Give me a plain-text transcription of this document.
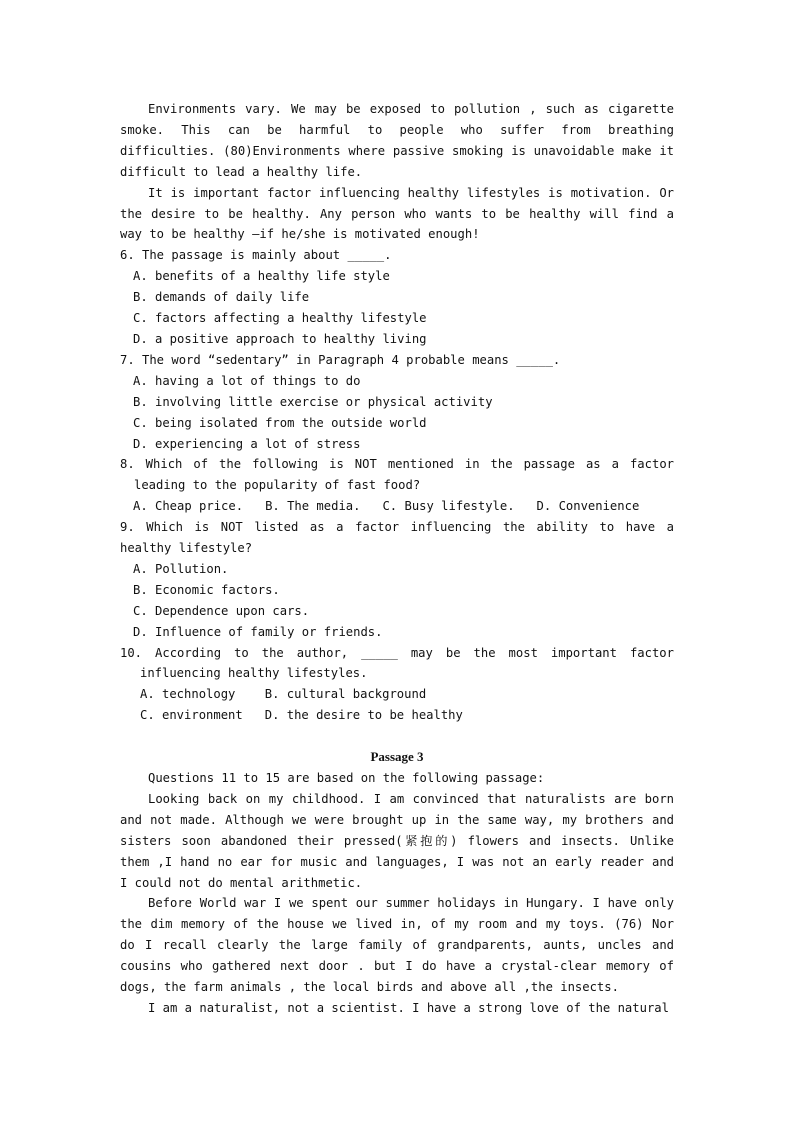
Environments vary. We may be exposed to pollution , such as cigarette smoke. This can be harmful to people who suffer from breathing difficulties. (80)Environments where passive smoking is unavoidable make it difficult to lead a healthy life.

It is important factor influencing healthy lifestyles is motivation. Or the desire to be healthy. Any person who wants to be healthy will find a way to be healthy —if he/she is motivated enough!

6. The passage is mainly about _____.

A. benefits of a healthy life style

B. demands of daily life

C. factors affecting a healthy lifestyle

D. a positive approach to healthy living

7. The word “sedentary” in Paragraph 4 probable means _____.

A. having a lot of things to do

B. involving little exercise or physical activity

C. being isolated from the outside world

D. experiencing a lot of stress

8. Which of the following is NOT mentioned in the passage as a factor leading to the popularity of fast food?

A. Cheap price.   B. The media.   C. Busy lifestyle.   D. Convenience

9. Which is NOT listed as a factor influencing the ability to have a healthy lifestyle?

A. Pollution.

B. Economic factors.

C. Dependence upon cars.

D. Influence of family or friends.

10. According to the author, _____ may be the most important factor influencing healthy lifestyles.

A. technology    B. cultural background

C. environment   D. the desire to be healthy

Passage 3

Questions 11 to 15 are based on the following passage:

Looking back on my childhood. I am convinced that naturalists are born and not made. Although we were brought up in the same way, my brothers and sisters soon abandoned their pressed(紧抱的) flowers and insects. Unlike them ,I hand no ear for music and languages, I was not an early reader and I could not do mental arithmetic.

Before World war I we spent our summer holidays in Hungary. I have only the dim memory of the house we lived in, of my room and my toys. (76) Nor do I recall clearly the large family of grandparents, aunts, uncles and cousins who gathered next door . but I do have a crystal-clear memory of dogs, the farm animals , the local birds and above all ,the insects.

I am a naturalist, not a scientist. I have a strong love of the natural
